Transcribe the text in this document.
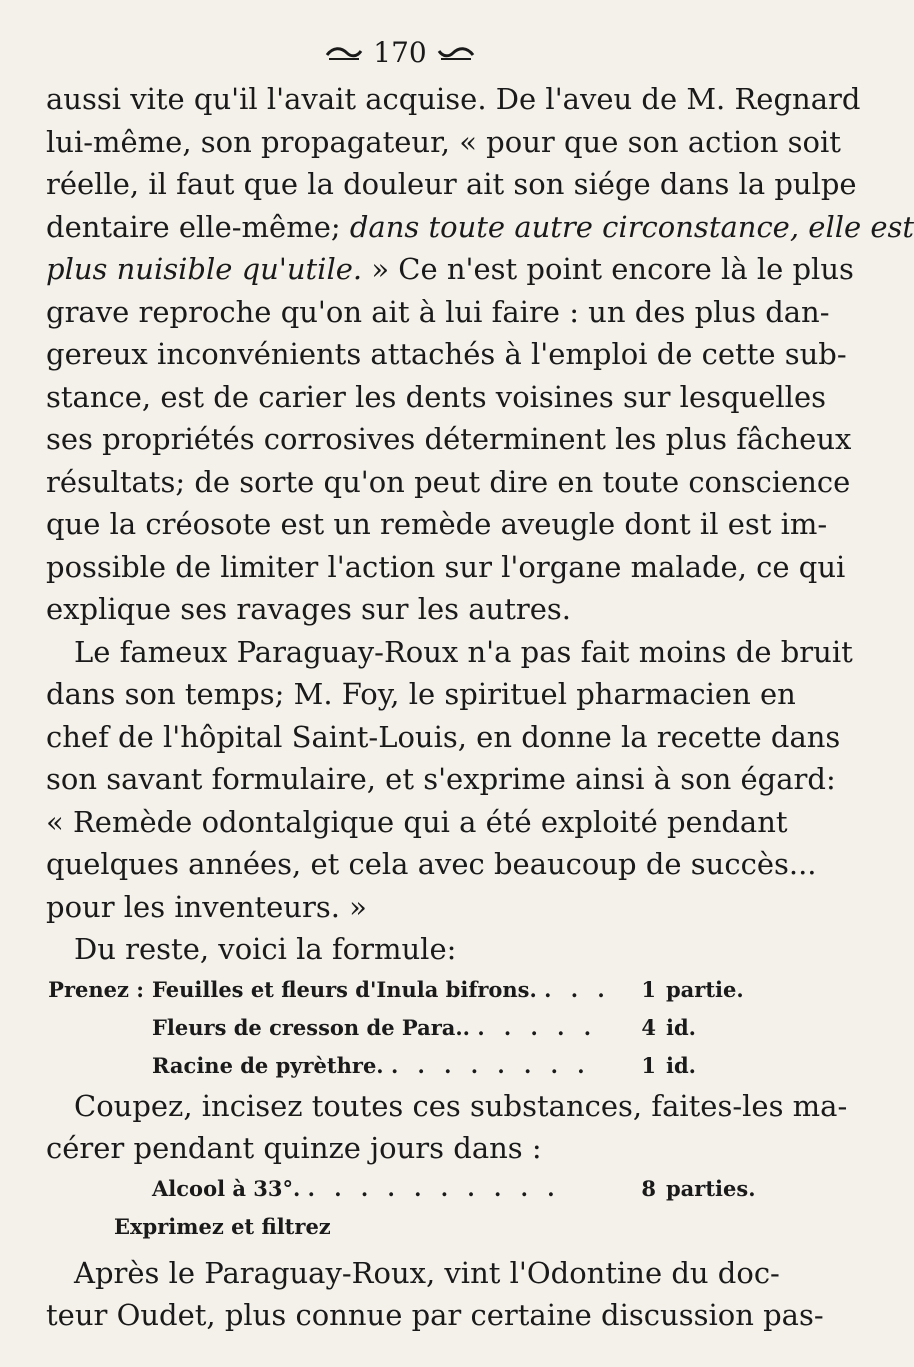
170
aussi vite qu'il l'avait acquise. De l'aveu de M. Regnard
lui-même, son propagateur, « pour que son action soit
réelle, il faut que la douleur ait son siége dans la pulpe
dentaire elle-même;
dans toute autre circonstance, elle est
plus nuisible qu'utile.
» Ce n'est point encore là le plus
grave reproche qu'on ait à lui faire : un des plus dan-
gereux inconvénients attachés à l'emploi de cette sub-
stance, est de carier les dents voisines sur lesquelles
ses propriétés corrosives déterminent les plus fâcheux
résultats; de sorte qu'on peut dire en toute conscience
que la créosote est un remède aveugle dont il est im-
possible de limiter l'action sur l'organe malade, ce qui
explique ses ravages sur les autres.
Le fameux Paraguay-Roux n'a pas fait moins de bruit
dans son temps; M. Foy, le spirituel pharmacien en
chef de l'hôpital Saint-Louis, en donne la recette dans
son savant formulaire, et s'exprime ainsi à son égard:
« Remède odontalgique qui a été exploité pendant
quelques années, et cela avec beaucoup de succès...
pour les inventeurs. »
Du reste, voici la formule:
Prenez : Feuilles et fleurs d'Inula bifrons. . . .	1 partie.
Fleurs de cresson de Para.. . . . . .	4 id.
Racine de pyrèthre. . . . . . . . .	1 id.
Coupez, incisez toutes ces substances, faites-les ma-
cérer pendant quinze jours dans :
Alcool à 33°. . . . . . . . . . .	8 parties.
Exprimez et filtrez
Après le Paraguay-Roux, vint l'Odontine du doc-
teur Oudet, plus connue par certaine discussion pas-
